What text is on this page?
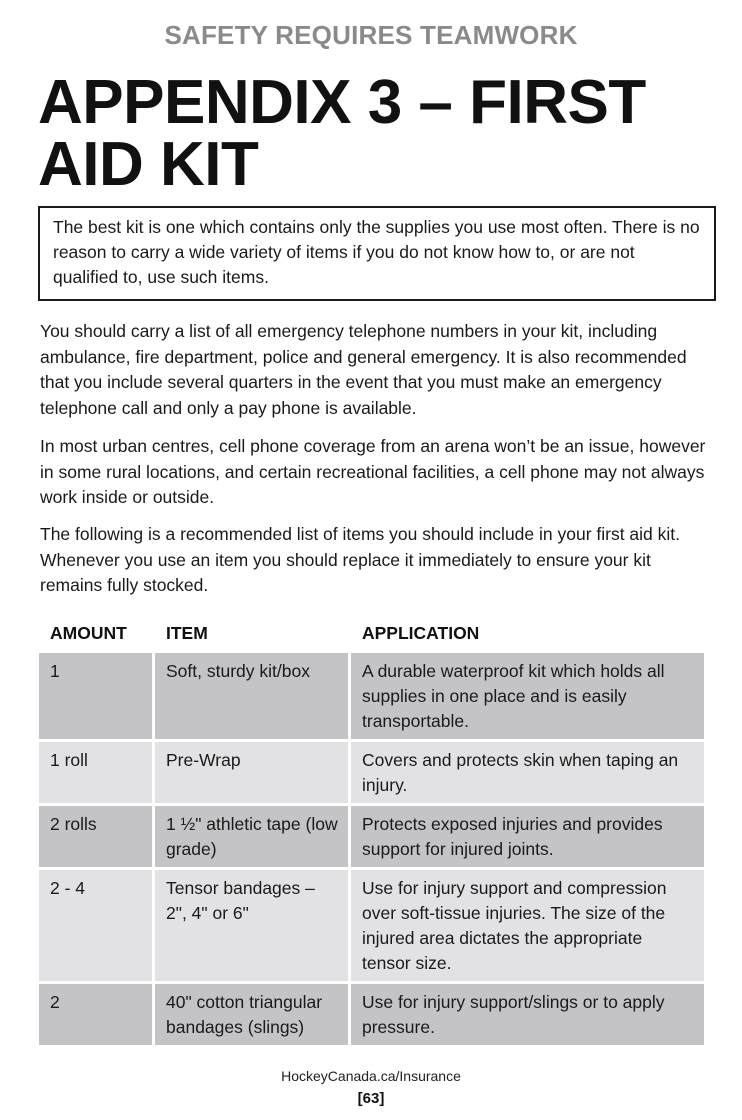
SAFETY REQUIRES TEAMWORK
APPENDIX 3 – FIRST
AID KIT
The best kit is one which contains only the supplies you use most often. There is no reason to carry a wide variety of items if you do not know how to, or are not qualified to, use such items.

You should carry a list of all emergency telephone numbers in your kit, including ambulance, fire department, police and general emergency. It is also recommended that you include several quarters in the event that you must make an emergency telephone call and only a pay phone is available.

In most urban centres, cell phone coverage from an arena won’t be an issue, however in some rural locations, and certain recreational facilities, a cell phone may not always work inside or outside.

The following is a recommended list of items you should include in your first aid kit. Whenever you use an item you should replace it immediately to ensure your kit remains fully stocked.

AMOUNT	ITEM	APPLICATION
1	Soft, sturdy kit/box	A durable waterproof kit which holds all supplies in one place and is easily transportable.
1 roll	Pre-Wrap	Covers and protects skin when taping an injury.
2 rolls	1 ½" athletic tape (low grade)	Protects exposed injuries and provides support for injured joints.
2 - 4	Tensor bandages – 2", 4" or 6"	Use for injury support and compression over soft-tissue injuries. The size of the injured area dictates the appropriate tensor size.
2	40" cotton triangular bandages (slings)	Use for injury support/slings or to apply pressure.
HockeyCanada.ca/Insurance
[63]
